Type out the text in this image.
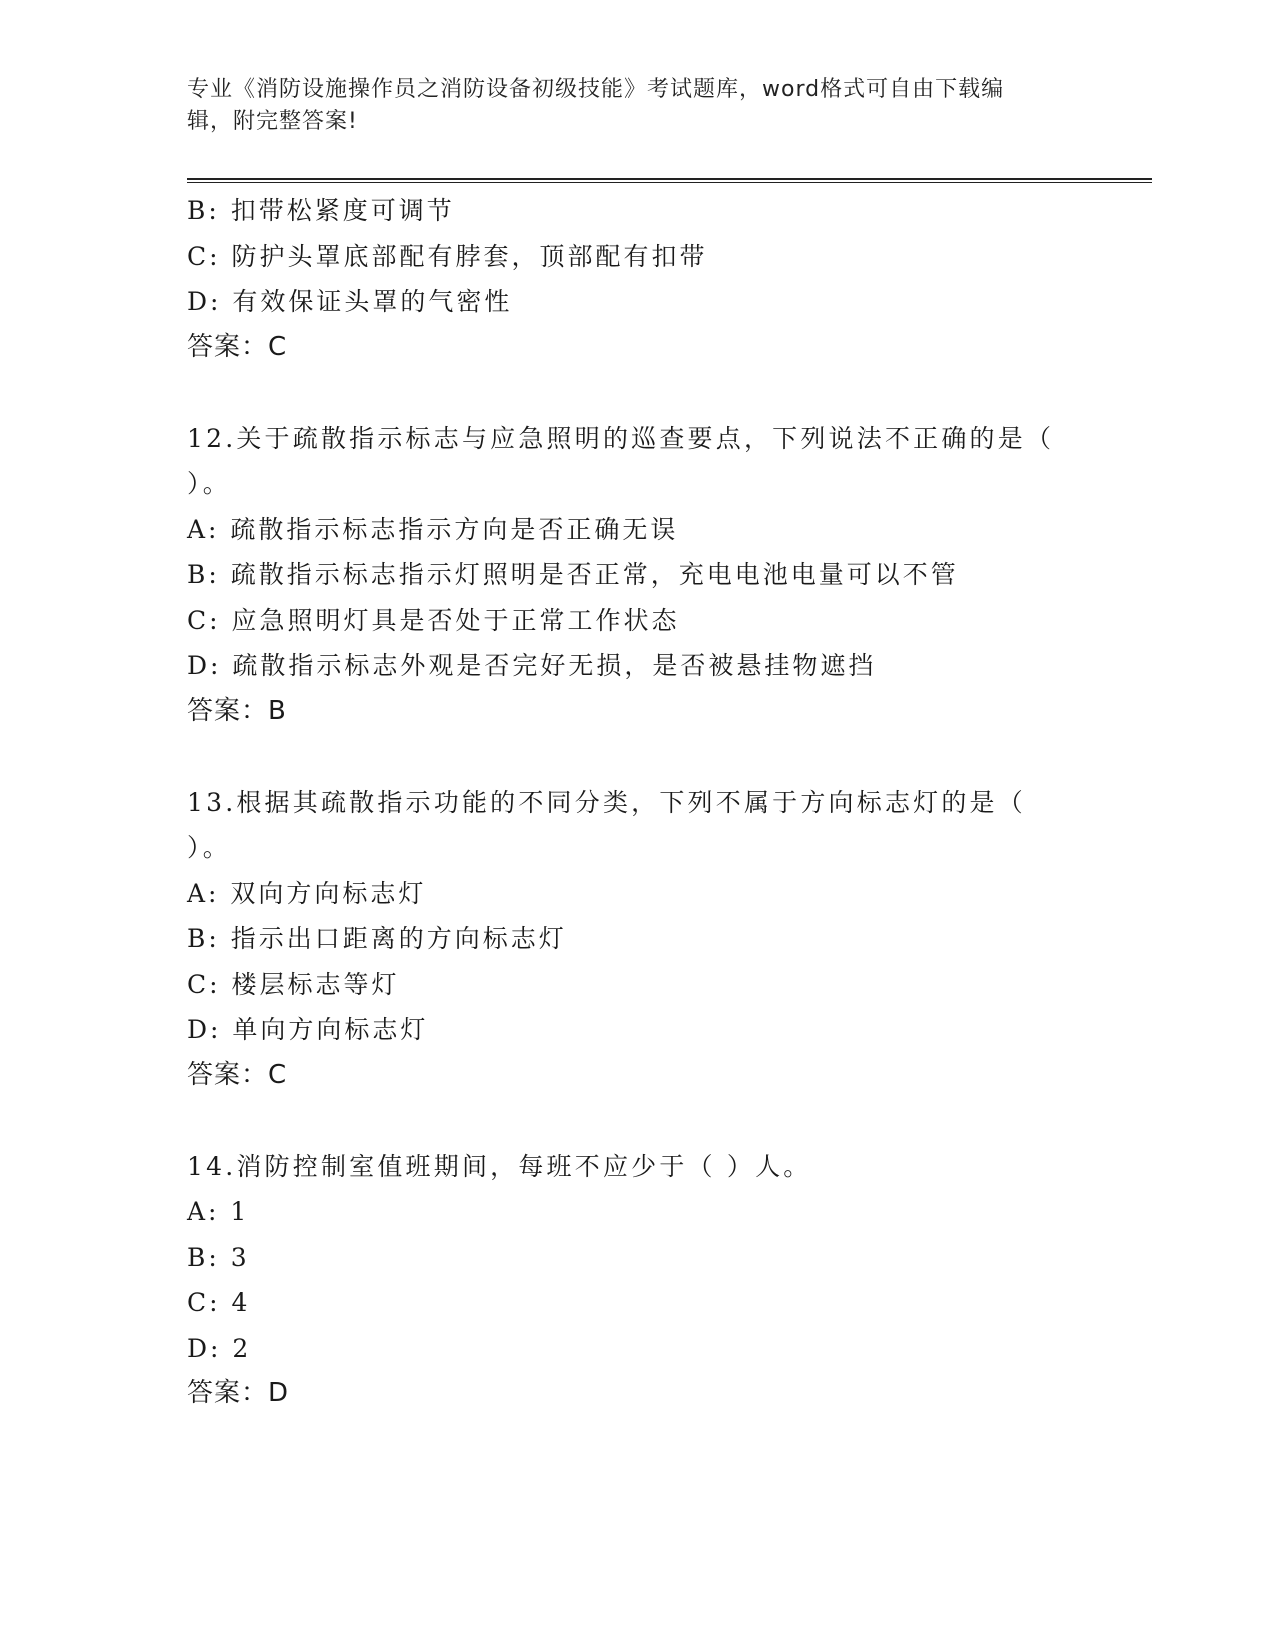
专业《消防设施操作员之消防设备初级技能》考试题库，word格式可自由下载编
辑，附完整答案!
B: 扣带松紧度可调节
C: 防护头罩底部配有脖套，顶部配有扣带
D: 有效保证头罩的气密性
答案：C
12.关于疏散指示标志与应急照明的巡查要点，下列说法不正确的是（
）。
A: 疏散指示标志指示方向是否正确无误
B: 疏散指示标志指示灯照明是否正常，充电电池电量可以不管
C: 应急照明灯具是否处于正常工作状态
D: 疏散指示标志外观是否完好无损，是否被悬挂物遮挡
答案：B
13.根据其疏散指示功能的不同分类，下列不属于方向标志灯的是（
）。
A: 双向方向标志灯
B: 指示出口距离的方向标志灯
C: 楼层标志等灯
D: 单向方向标志灯
答案：C
14.消防控制室值班期间，每班不应少于（ ）人。
A: 1
B: 3
C: 4
D: 2
答案：D
